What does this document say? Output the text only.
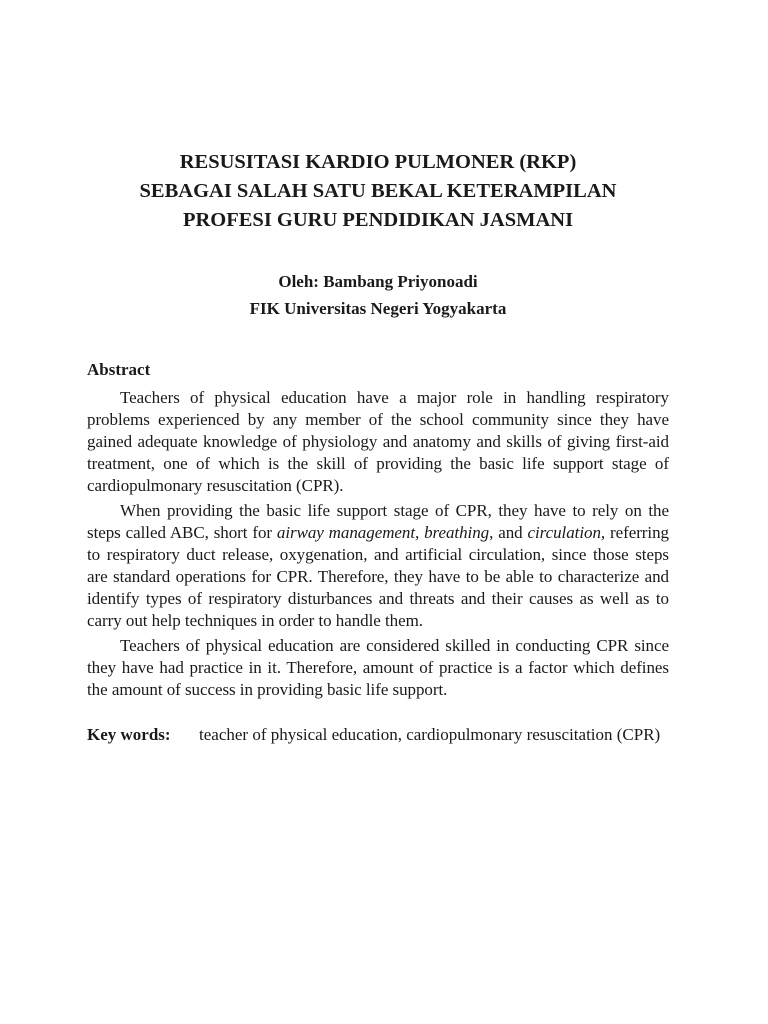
RESUSITASI KARDIO PULMONER (RKP)
SEBAGAI SALAH SATU BEKAL KETERAMPILAN
PROFESI GURU PENDIDIKAN JASMANI
Oleh: Bambang Priyonoadi
FIK Universitas Negeri Yogyakarta
Abstract

Teachers of physical education have a major role in handling respiratory problems experienced by any member of the school community since they have gained adequate knowledge of physiology and anatomy and skills of giving first-aid treatment, one of which is the skill of providing the basic life support stage of cardiopulmonary resuscitation (CPR).

When providing the basic life support stage of CPR, they have to rely on the steps called ABC, short for airway management, breathing, and circulation, referring to respiratory duct release, oxygenation, and artificial circulation, since those steps are standard operations for CPR. Therefore, they have to be able to characterize and identify types of respiratory disturbances and threats and their causes as well as to carry out help techniques in order to handle them.

Teachers of physical education are considered skilled in conducting CPR since they have had practice in it. Therefore, amount of practice is a factor which defines the amount of success in providing basic life support.

Key words:	teacher of physical education, cardiopulmonary resuscitation (CPR)
